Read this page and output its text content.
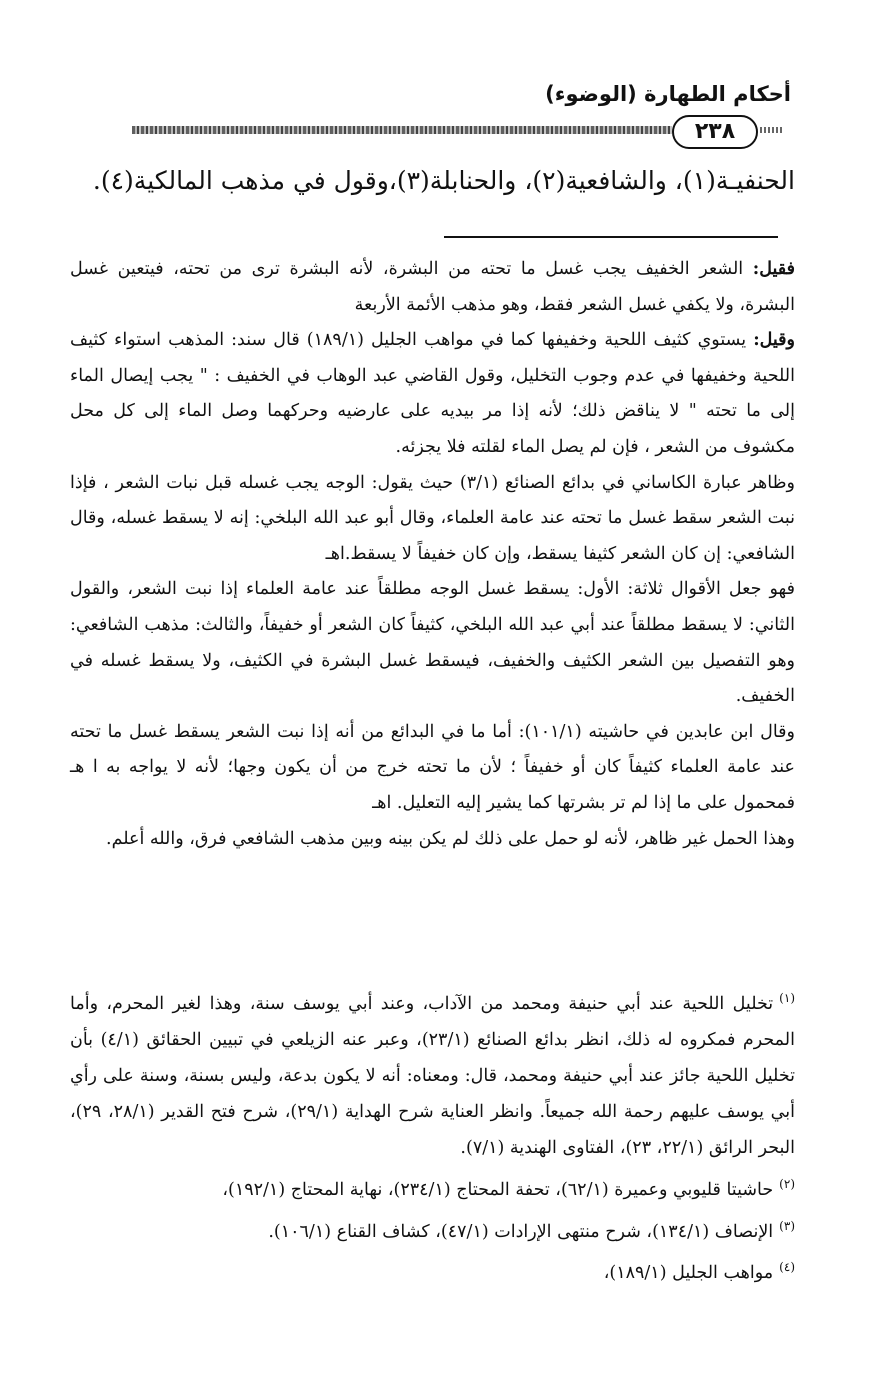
أحكام الطهارة (الوضوء)
٢٣٨

الحنفيـة(١)، والشافعية(٢)، والحنابلة(٣)،وقول في مذهب المالكية(٤).

فقيل: الشعر الخفيف يجب غسل ما تحته من البشرة، لأنه البشرة ترى من تحته، فيتعين غسل البشرة، ولا يكفي غسل الشعر فقط، وهو مذهب الأئمة الأربعة

وقيل: يستوي كثيف اللحية وخفيفها كما في مواهب الجليل (١٨٩/١) قال سند: المذهب استواء كثيف اللحية وخفيفها في عدم وجوب التخليل، وقول القاضي عبد الوهاب في الخفيف : " يجب إيصال الماء إلى ما تحته " لا يناقض ذلك؛ لأنه إذا مر بيديه على عارضيه وحركهما وصل الماء إلى كل محل مكشوف من الشعر ، فإن لم يصل الماء لقلته فلا يجزئه.

وظاهر عبارة الكاساني في بدائع الصنائع (٣/١) حيث يقول: الوجه يجب غسله قبل نبات الشعر ، فإذا نبت الشعر سقط غسل ما تحته عند عامة العلماء، وقال أبو عبد الله البلخي: إنه لا يسقط غسله، وقال الشافعي: إن كان الشعر كثيفا يسقط، وإن كان خفيفاً لا يسقط.اهـ

فهو جعل الأقوال ثلاثة: الأول: يسقط غسل الوجه مطلقاً عند عامة العلماء إذا نبت الشعر، والقول الثاني: لا يسقط مطلقاً عند أبي عبد الله البلخي، كثيفاً كان الشعر أو خفيفاً، والثالث: مذهب الشافعي: وهو التفصيل بين الشعر الكثيف والخفيف، فيسقط غسل البشرة في الكثيف، ولا يسقط غسله في الخفيف.

وقال ابن عابدين في حاشيته (١٠١/١): أما ما في البدائع من أنه إذا نبت الشعر يسقط غسل ما تحته عند عامة العلماء كثيفاً كان أو خفيفاً ؛ لأن ما تحته خرج من أن يكون وجها؛ لأنه لا يواجه به ا هـ فمحمول على ما إذا لم تر بشرتها كما يشير إليه التعليل. اهـ

وهذا الحمل غير ظاهر، لأنه لو حمل على ذلك لم يكن بينه وبين مذهب الشافعي فرق، والله أعلم.

$^{(١)}$تخليل اللحية عند أبي حنيفة ومحمد من الآداب، وعند أبي يوسف سنة، وهذا لغير المحرم، وأما المحرم فمكروه له ذلك، انظر بدائع الصنائع (٢٣/١)، وعبر عنه الزيلعي في تبيين الحقائق (٤/١) بأن تخليل اللحية جائز عند أبي حنيفة ومحمد، قال: ومعناه: أنه لا يكون بدعة، وليس بسنة، وسنة على رأي أبي يوسف عليهم رحمة الله جميعاً. وانظر العناية شرح الهداية (٢٩/١)، شرح فتح القدير (٢٨/١، ٢٩)، البحر الرائق (٢٢/١، ٢٣)، الفتاوى الهندية (٧/١).

$^{(٢)}$حاشيتا قليوبي وعميرة (٦٢/١)، تحفة المحتاج (٢٣٤/١)، نهاية المحتاج (١٩٢/١)،

$^{(٣)}$الإنصاف (١٣٤/١)، شرح منتهى الإرادات (٤٧/١)، كشاف القناع (١٠٦/١).

$^{(٤)}$مواهب الجليل (١٨٩/١)،
